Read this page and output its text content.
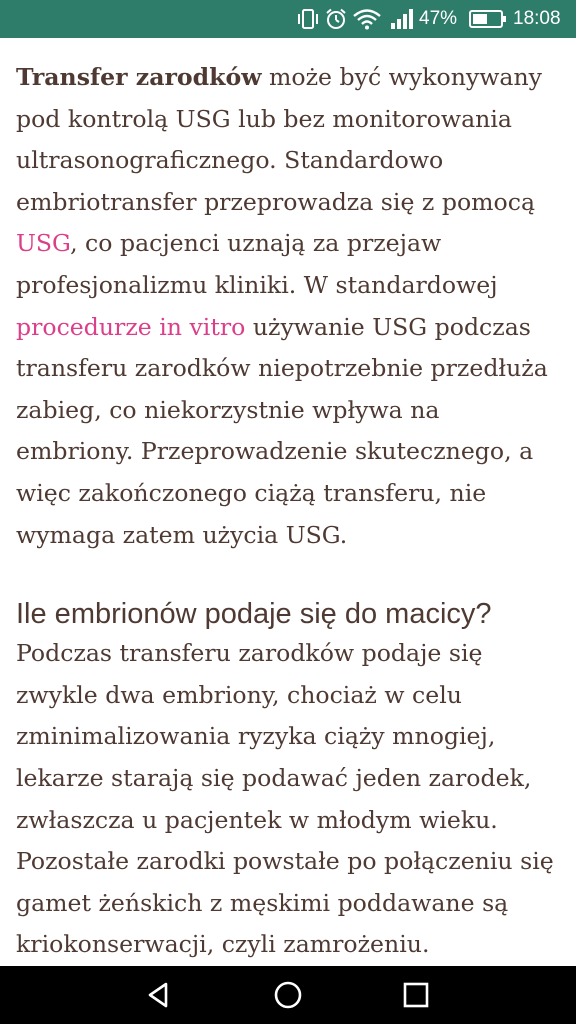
47%	18:08

Transfer zarodków może być wykonywany pod kontrolą USG lub bez monitorowania ultrasonograficznego. Standardowo embriotransfer przeprowadza się z pomocą USG, co pacjenci uznają za przejaw profesjonalizmu kliniki. W standardowej procedurze in vitro używanie USG podczas transferu zarodków niepotrzebnie przedłuża zabieg, co niekorzystnie wpływa na embriony. Przeprowadzenie skutecznego, a więc zakończonego ciążą transferu, nie wymaga zatem użycia USG.

Ile embrionów podaje się do macicy?

Podczas transferu zarodków podaje się zwykle dwa embriony, chociaż w celu zminimalizowania ryzyka ciąży mnogiej, lekarze starają się podawać jeden zarodek, zwłaszcza u pacjentek w młodym wieku. Pozostałe zarodki powstałe po połączeniu się gamet żeńskich z męskimi poddawane są kriokonserwacji, czyli zamrożeniu.
